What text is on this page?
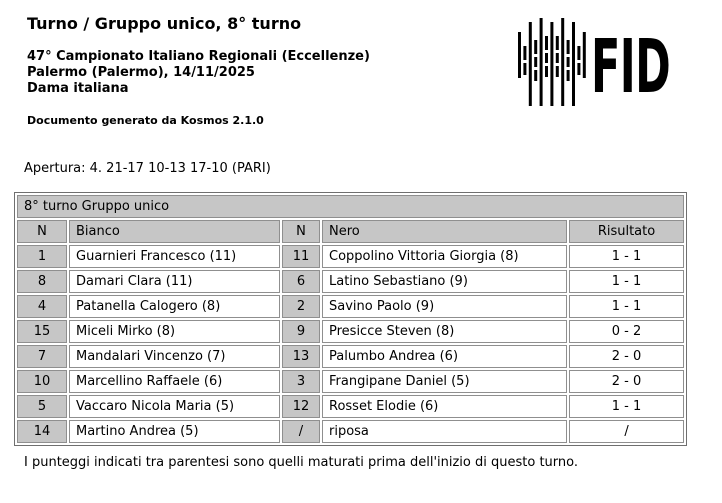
Turno / Gruppo unico, 8° turno
47° Campionato Italiano Regionali (Eccellenze)
Palermo (Palermo), 14/11/2025
Dama italiana
Documento generato da Kosmos 2.1.0
Apertura: 4. 21-17 10-13 17-10 (PARI)
FID
8° turno Gruppo unico				
N	Bianco	N	Nero	Risultato
1	Guarnieri Francesco (11)	11	Coppolino Vittoria Giorgia (8)	1 - 1
8	Damari Clara (11)	6	Latino Sebastiano (9)	1 - 1
4	Patanella Calogero (8)	2	Savino Paolo (9)	1 - 1
15	Miceli Mirko (8)	9	Presicce Steven (8)	0 - 2
7	Mandalari Vincenzo (7)	13	Palumbo Andrea (6)	2 - 0
10	Marcellino Raffaele (6)	3	Frangipane Daniel (5)	2 - 0
5	Vaccaro Nicola Maria (5)	12	Rosset Elodie (6)	1 - 1
14	Martino Andrea (5)	/	riposa	/
I punteggi indicati tra parentesi sono quelli maturati prima dell'inizio di questo turno.
